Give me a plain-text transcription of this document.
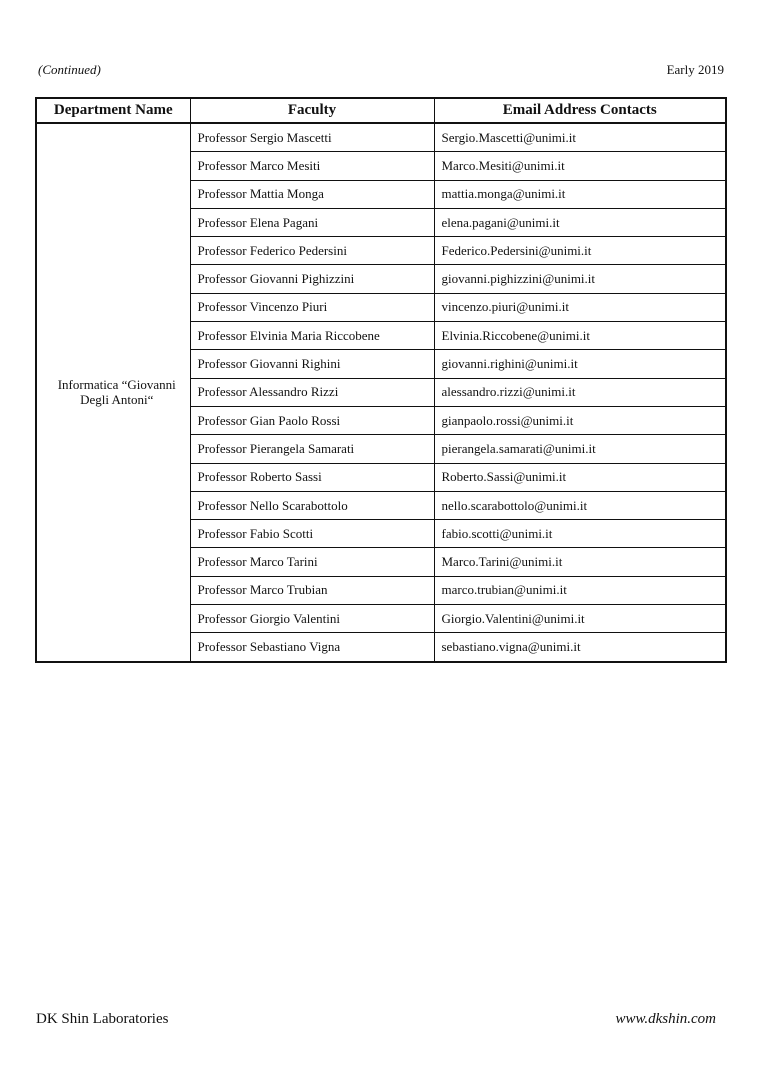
(Continued)	Early 2019
Department Name	Faculty	Email Address Contacts
Informatica “Giovanni Degli Antoni“	Professor Sergio Mascetti	Sergio.Mascetti@unimi.it
	Professor Marco Mesiti	Marco.Mesiti@unimi.it
	Professor Mattia Monga	mattia.monga@unimi.it
	Professor Elena Pagani	elena.pagani@unimi.it
	Professor Federico Pedersini	Federico.Pedersini@unimi.it
	Professor Giovanni Pighizzini	giovanni.pighizzini@unimi.it
	Professor Vincenzo Piuri	vincenzo.piuri@unimi.it
	Professor Elvinia Maria Riccobene	Elvinia.Riccobene@unimi.it
	Professor Giovanni Righini	giovanni.righini@unimi.it
	Professor Alessandro Rizzi	alessandro.rizzi@unimi.it
	Professor Gian Paolo Rossi	gianpaolo.rossi@unimi.it
	Professor Pierangela Samarati	pierangela.samarati@unimi.it
	Professor Roberto Sassi	Roberto.Sassi@unimi.it
	Professor Nello Scarabottolo	nello.scarabottolo@unimi.it
	Professor Fabio Scotti	fabio.scotti@unimi.it
	Professor Marco Tarini	Marco.Tarini@unimi.it
	Professor Marco Trubian	marco.trubian@unimi.it
	Professor Giorgio Valentini	Giorgio.Valentini@unimi.it
	Professor Sebastiano Vigna	sebastiano.vigna@unimi.it
DK Shin Laboratories	www.dkshin.com
